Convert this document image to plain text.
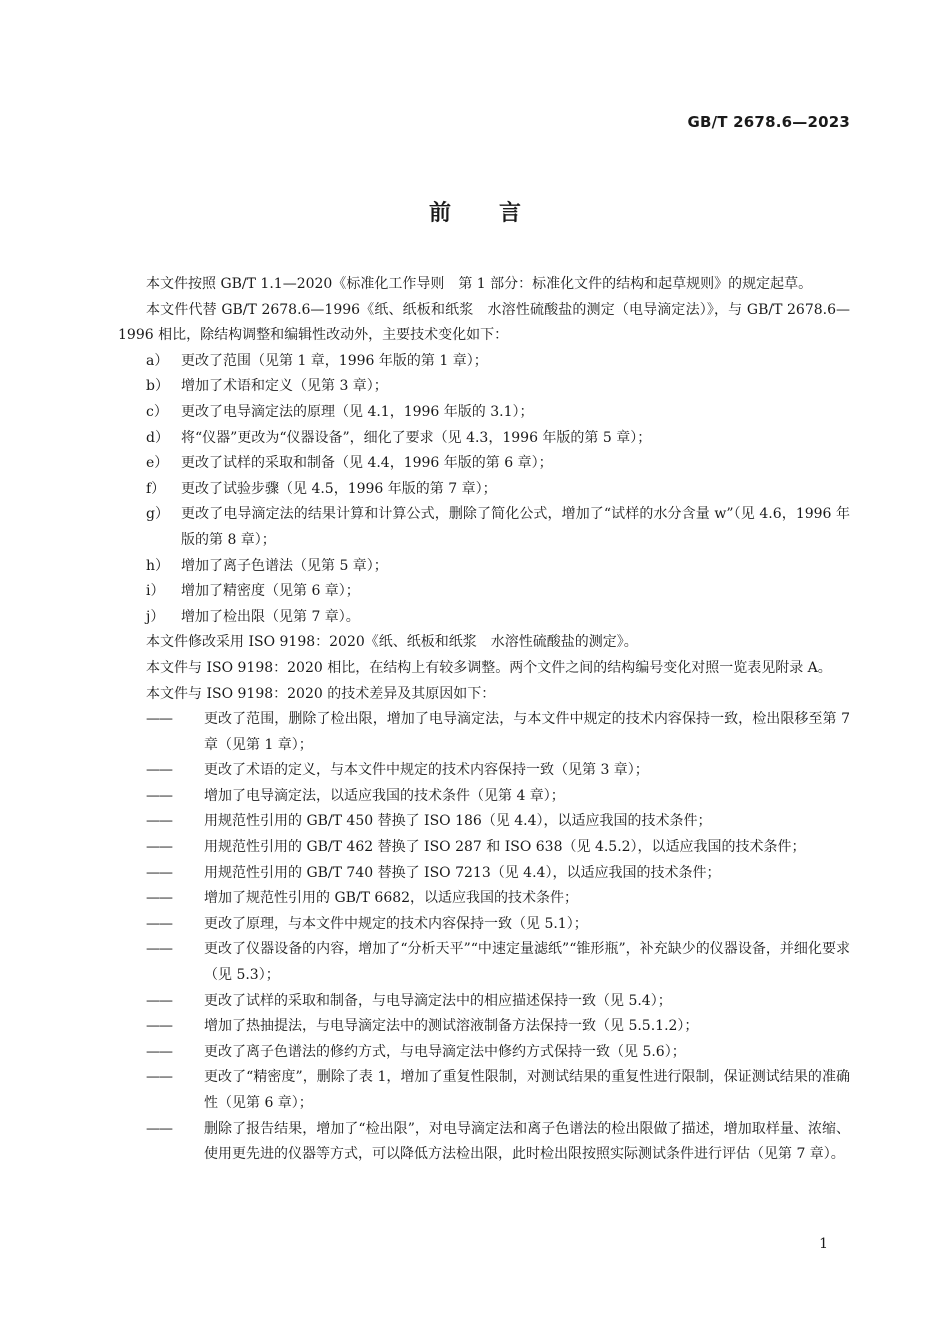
GB/T 2678.6—2023
前言

本文件按照 GB/T 1.1—2020《标准化工作导则　第 1 部分：标准化文件的结构和起草规则》的规定起草。

本文件代替 GB/T 2678.6—1996《纸、纸板和纸浆　水溶性硫酸盐的测定（电导滴定法）》，与 GB/T 2678.6—1996 相比，除结构调整和编辑性改动外，主要技术变化如下：

a） 更改了范围（见第 1 章，1996 年版的第 1 章）；
b） 增加了术语和定义（见第 3 章）；
c） 更改了电导滴定法的原理（见 4.1，1996 年版的 3.1）；
d） 将“仪器”更改为“仪器设备”，细化了要求（见 4.3，1996 年版的第 5 章）；
e） 更改了试样的采取和制备（见 4.4，1996 年版的第 6 章）；
f）	更改了试验步骤（见 4.5，1996 年版的第 7 章）；
g） 更改了电导滴定法的结果计算和计算公式，删除了简化公式，增加了“试样的水分含量 w”（见 4.6，1996 年版的第 8 章）；
h） 增加了离子色谱法（见第 5 章）；
i）	增加了精密度（见第 6 章）；
j）	增加了检出限（见第 7 章）。

本文件修改采用 ISO 9198：2020《纸、纸板和纸浆　水溶性硫酸盐的测定》。

本文件与 ISO 9198：2020 相比，在结构上有较多调整。两个文件之间的结构编号变化对照一览表见附录 A。

本文件与 ISO 9198：2020 的技术差异及其原因如下：

——	更改了范围，删除了检出限，增加了电导滴定法，与本文件中规定的技术内容保持一致，检出限移至第 7 章（见第 1 章）；
——	更改了术语的定义，与本文件中规定的技术内容保持一致（见第 3 章）；
——	增加了电导滴定法，以适应我国的技术条件（见第 4 章）；
——	用规范性引用的 GB/T 450 替换了 ISO 186（见 4.4），以适应我国的技术条件；
——	用规范性引用的 GB/T 462 替换了 ISO 287 和 ISO 638（见 4.5.2），以适应我国的技术条件；
——	用规范性引用的 GB/T 740 替换了 ISO 7213（见 4.4），以适应我国的技术条件；
——	增加了规范性引用的 GB/T 6682，以适应我国的技术条件；
——	更改了原理，与本文件中规定的技术内容保持一致（见 5.1）；
——	更改了仪器设备的内容，增加了“分析天平”“中速定量滤纸”“锥形瓶”，补充缺少的仪器设备，并细化要求（见 5.3）；
——	更改了试样的采取和制备，与电导滴定法中的相应描述保持一致（见 5.4）；
——	增加了热抽提法，与电导滴定法中的测试溶液制备方法保持一致（见 5.5.1.2）；
——	更改了离子色谱法的修约方式，与电导滴定法中修约方式保持一致（见 5.6）；
——	更改了“精密度”，删除了表 1，增加了重复性限制，对测试结果的重复性进行限制，保证测试结果的准确性（见第 6 章）；
——	删除了报告结果，增加了“检出限”，对电导滴定法和离子色谱法的检出限做了描述，增加取样量、浓缩、使用更先进的仪器等方式，可以降低方法检出限，此时检出限按照实际测试条件进行评估（见第 7 章）。
1
